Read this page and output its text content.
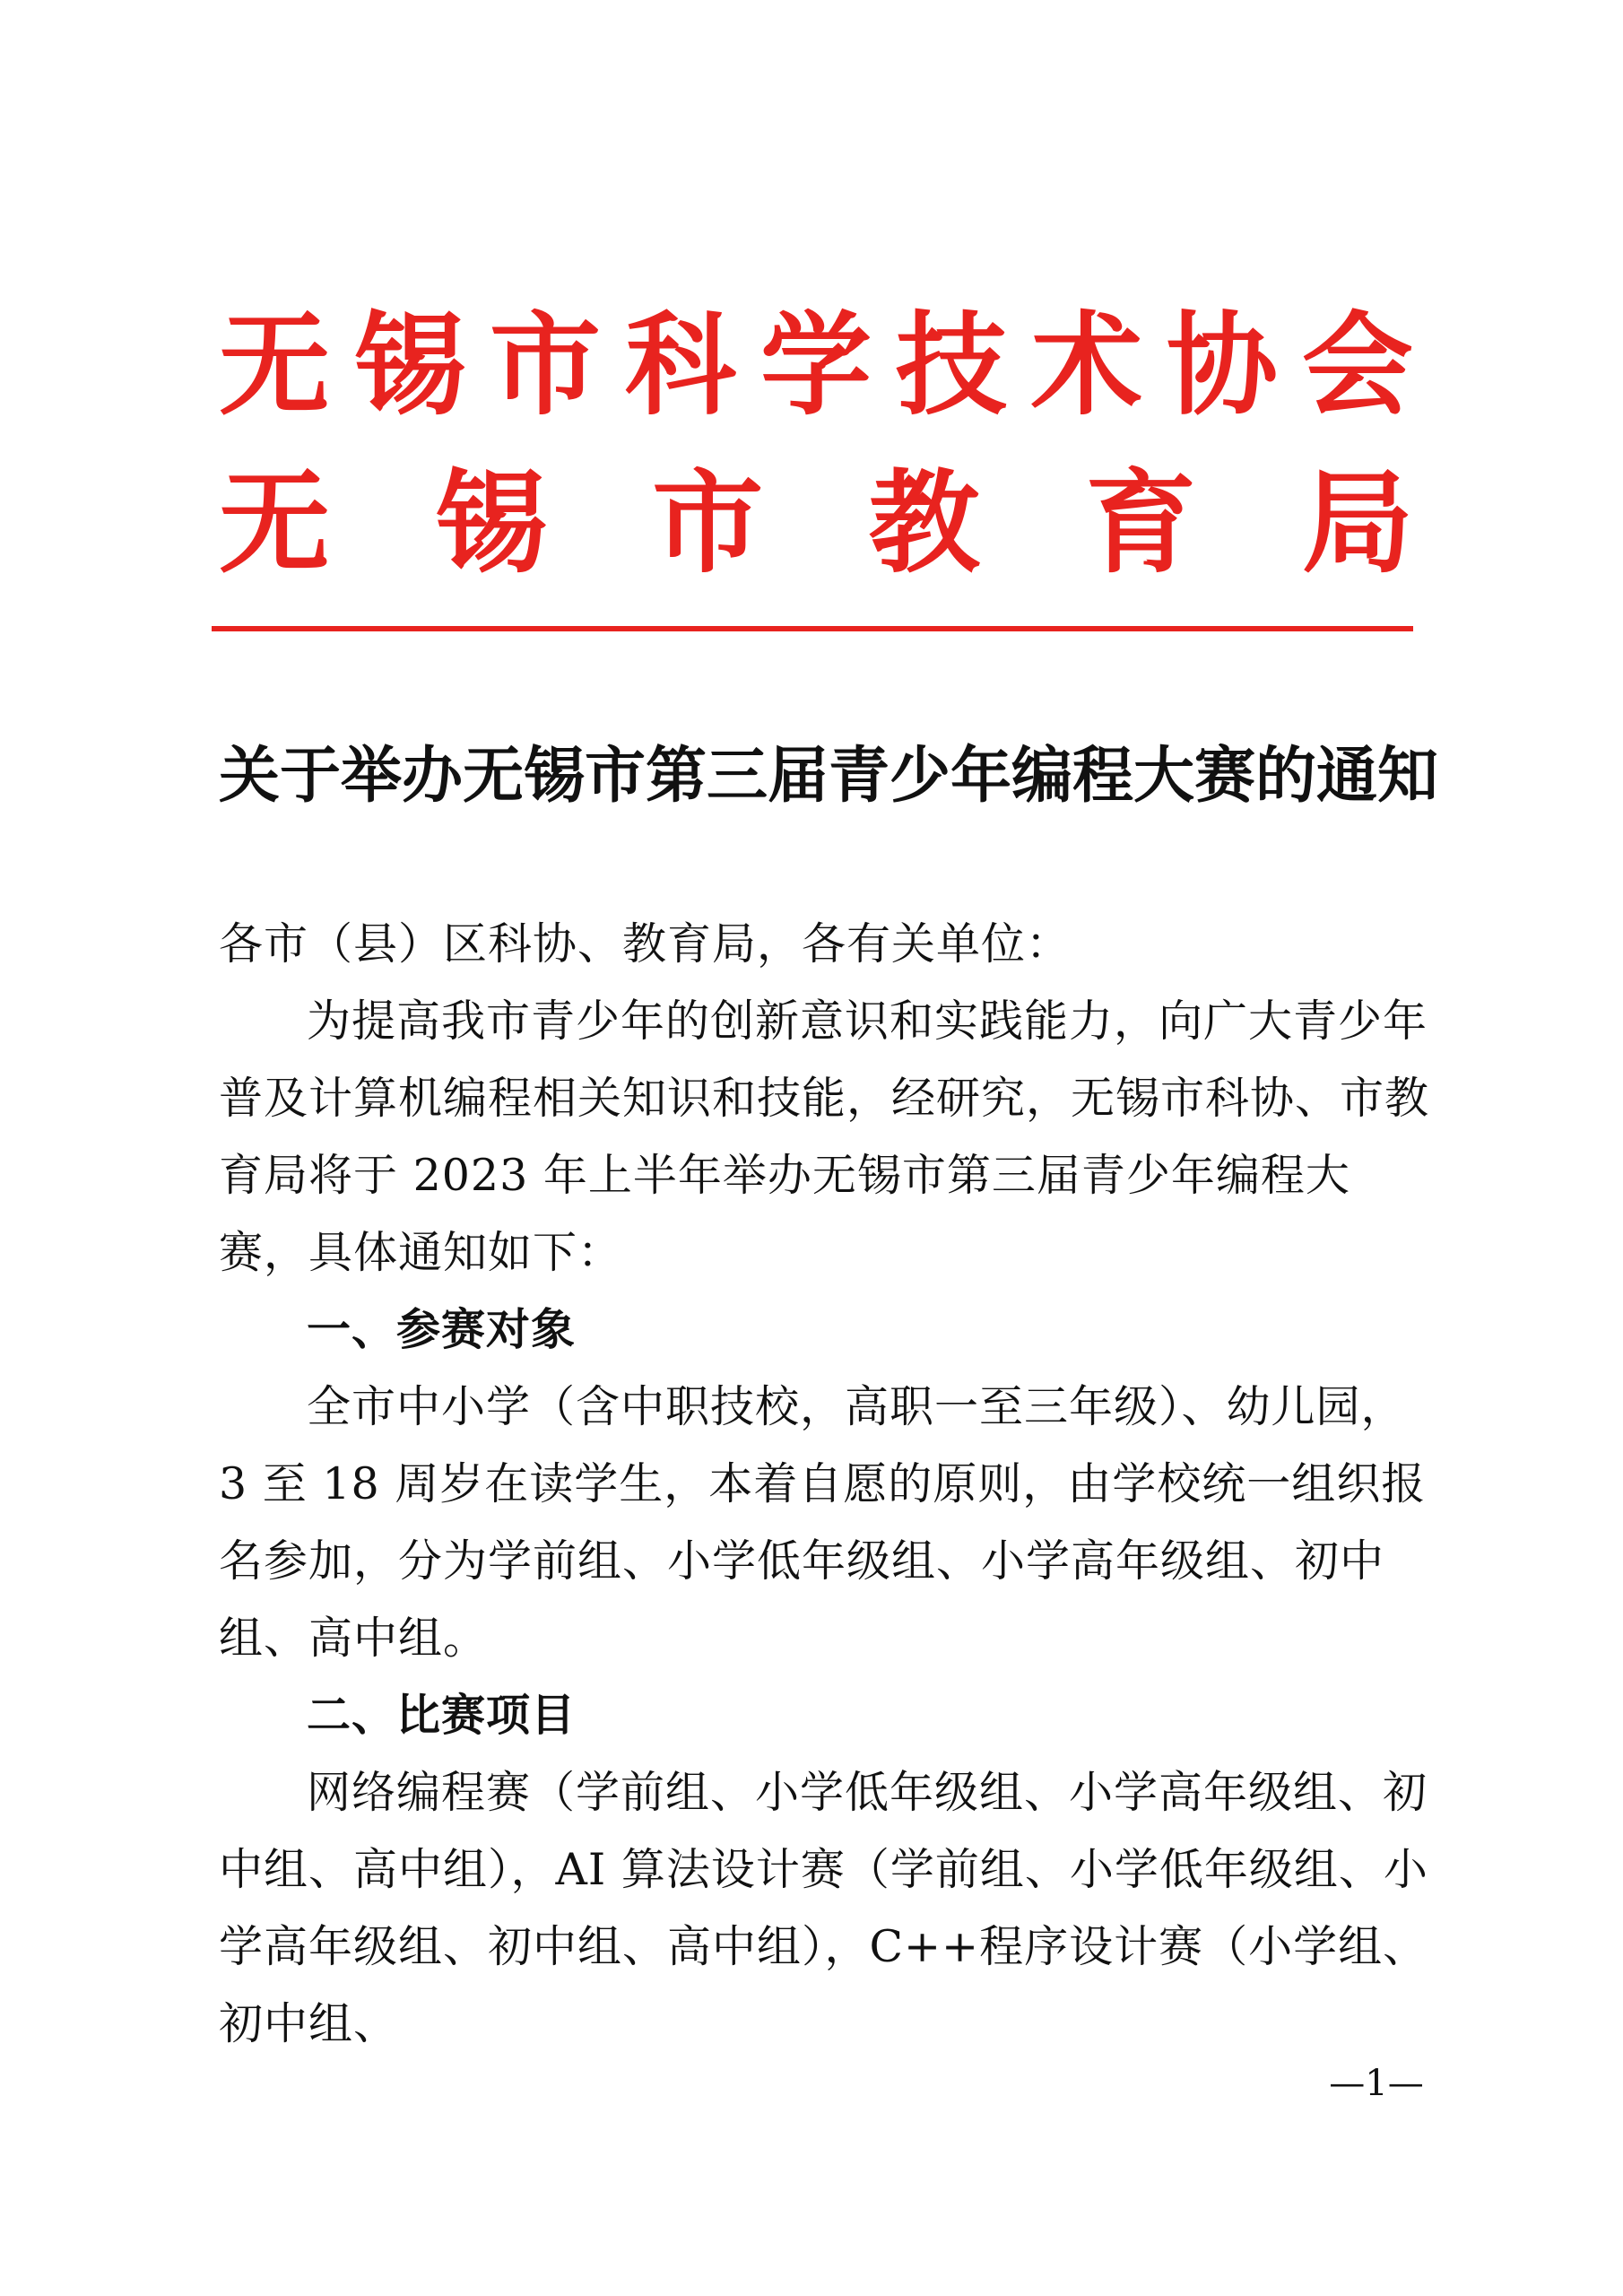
无 锡 市 科 学 技 术 协 会
无 锡 市 教 育 局
关于举办无锡市第三届青少年编程大赛的通知

各市（县）区科协、教育局，各有关单位：

为提高我市青少年的创新意识和实践能力，向广大青少年普及计算机编程相关知识和技能，经研究，无锡市科协、市教育局将于 2023 年上半年举办无锡市第三届青少年编程大赛，具体通知如下：

一、参赛对象

全市中小学（含中职技校，高职一至三年级）、幼儿园，3 至 18 周岁在读学生，本着自愿的原则，由学校统一组织报名参加，分为学前组、小学低年级组、小学高年级组、初中组、高中组。

二、比赛项目

网络编程赛（学前组、小学低年级组、小学高年级组、初中组、高中组），AI 算法设计赛（学前组、小学低年级组、小学高年级组、初中组、高中组），C++程序设计赛（小学组、初中组、

—1—
